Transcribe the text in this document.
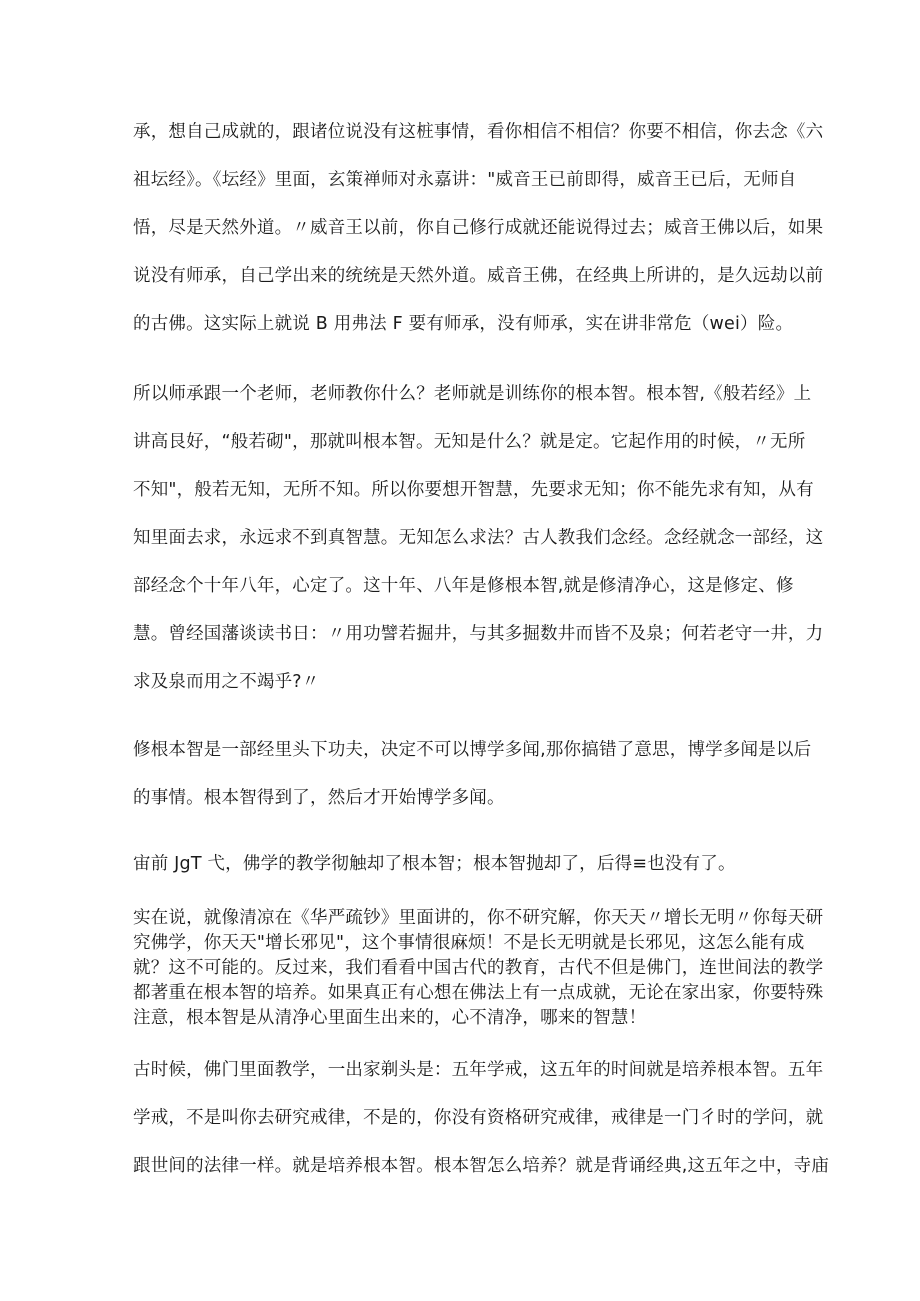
承，想自己成就的，跟诸位说没有这桩事情，看你相信不相信？你要不相信，你去念《六
祖坛经》。《坛经》里面，玄策禅师对永嘉讲："威音王已前即得，威音王已后，无师自
悟，尽是天然外道。〃威音王以前，你自己修行成就还能说得过去；威音王佛以后，如果
说没有师承，自己学出来的统统是天然外道。威音王佛，在经典上所讲的，是久远劫以前
的古佛。这实际上就说 B 用弗法 F 要有师承，没有师承，实在讲非常危（wei）险。
所以师承跟一个老师，老师教你什么？老师就是训练你的根本智。根本智,《般若经》上
讲高艮好，“般若砌"，那就叫根本智。无知是什么？就是定。它起作用的时候，〃无所
不知"，般若无知，无所不知。所以你要想开智慧，先要求无知；你不能先求有知，从有
知里面去求，永远求不到真智慧。无知怎么求法？古人教我们念经。念经就念一部经，这
部经念个十年八年，心定了。这十年、八年是修根本智,就是修清净心，这是修定、修
慧。曾经国藩谈读书日：〃用功譬若掘井，与其多掘数井而皆不及泉；何若老守一井，力
求及泉而用之不竭乎?〃
修根本智是一部经里头下功夫，决定不可以博学多闻,那你搞错了意思，博学多闻是以后
的事情。根本智得到了，然后才开始博学多闻。
宙前 JgT 弋，佛学的教学彻触却了根本智；根本智抛却了，后得≡也没有了。
实在说，就像清凉在《华严疏钞》里面讲的，你不研究解，你天天〃增长无明〃你每天研
究佛学，你天天"增长邪见"，这个事情很麻烦！不是长无明就是长邪见，这怎么能有成
就？这不可能的。反过来，我们看看中国古代的教育，古代不但是佛门，连世间法的教学
都著重在根本智的培养。如果真正有心想在佛法上有一点成就，无论在家出家，你要特殊
注意，根本智是从清净心里面生出来的，心不清净，哪来的智慧！
古时候，佛门里面教学，一出家剃头是：五年学戒，这五年的时间就是培养根本智。五年
学戒，不是叫你去研究戒律，不是的，你没有资格研究戒律，戒律是一门彳时的学问，就
跟世间的法律一样。就是培养根本智。根本智怎么培养？就是背诵经典,这五年之中，寺庙
